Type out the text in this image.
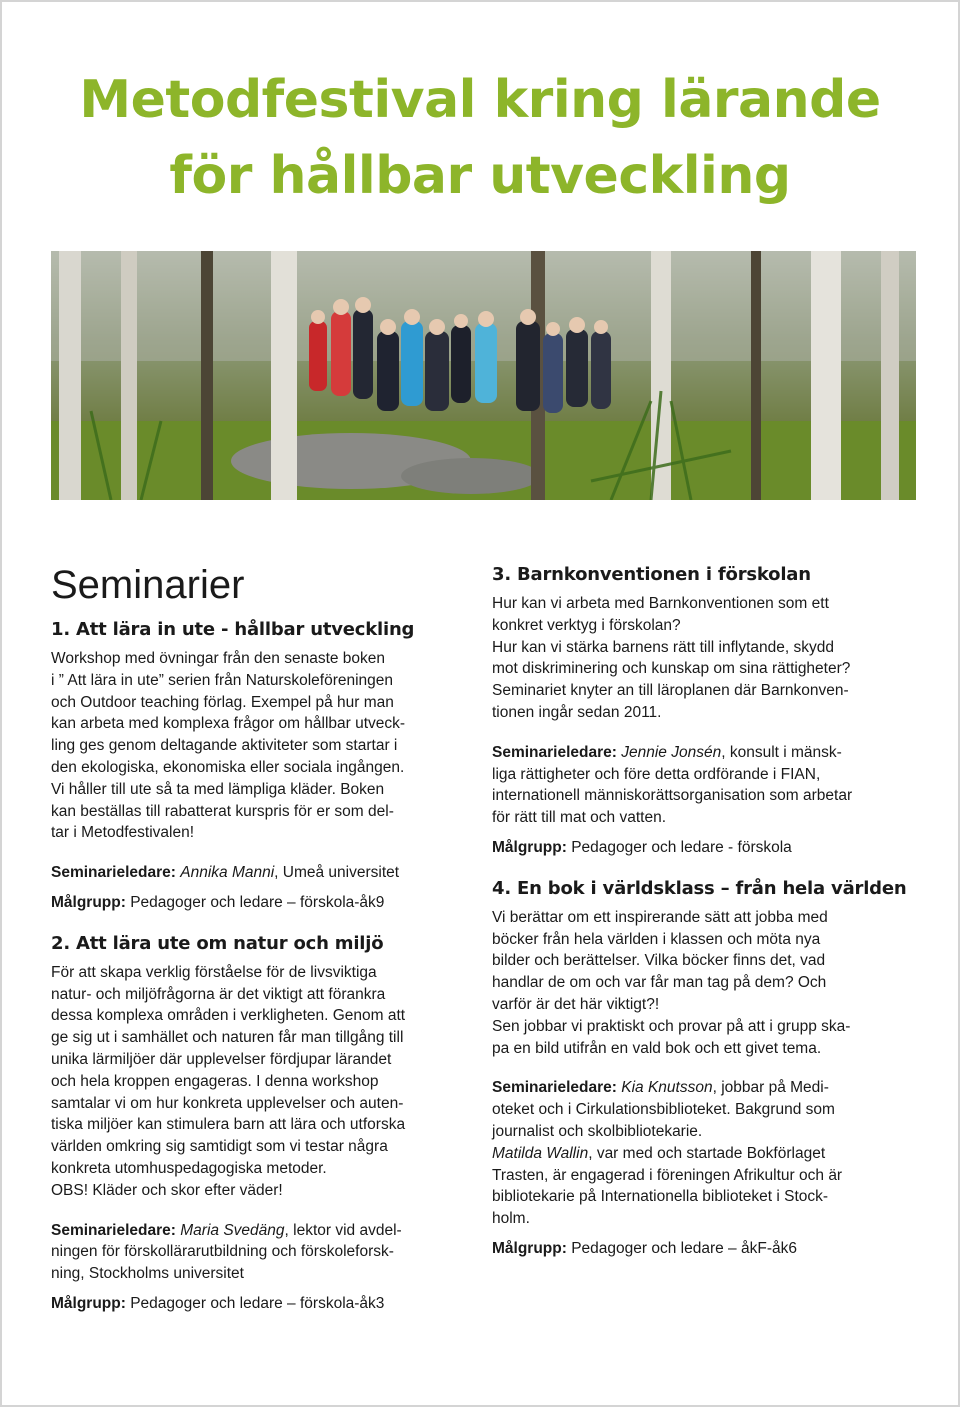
Metodfestival kring lärande
för hållbar utveckling
Seminarier
1. Att lära in ute - hållbar utveckling

Workshop med övningar från den senaste boken
i ” Att lära in ute” serien från Naturskoleföreningen
och Outdoor teaching förlag. Exempel på hur man
kan arbeta med komplexa frågor om hållbar utveck-
ling ges genom deltagande aktiviteter som startar i
den ekologiska, ekonomiska eller sociala ingången.
Vi håller till ute så ta med lämpliga kläder. Boken
kan beställas till rabatterat kurspris för er som del-
tar i Metodfestivalen!

Seminarieledare: Annika Manni, Umeå universitet

Målgrupp: Pedagoger och ledare – förskola-åk9

2. Att lära ute om natur och miljö

För att skapa verklig förståelse för de livsviktiga
natur- och miljöfrågorna är det viktigt att förankra
dessa komplexa områden i verkligheten. Genom att
ge sig ut i samhället och naturen får man tillgång till
unika lärmiljöer där upplevelser fördjupar lärandet
och hela kroppen engageras. I denna workshop
samtalar vi om hur konkreta upplevelser och auten-
tiska miljöer kan stimulera barn att lära och utforska
världen omkring sig samtidigt som vi testar några
konkreta utomhuspedagogiska metoder.
OBS! Kläder och skor efter väder!

Seminarieledare: Maria Svedäng, lektor vid avdel-
ningen för förskollärarutbildning och förskoleforsk-
ning, Stockholms universitet

Målgrupp: Pedagoger och ledare – förskola-åk3

3. Barnkonventionen i förskolan

Hur kan vi arbeta med Barnkonventionen som ett
konkret verktyg i förskolan?
Hur kan vi stärka barnens rätt till inflytande, skydd
mot diskriminering och kunskap om sina rättigheter?
Seminariet knyter an till läroplanen där Barnkonven-
tionen ingår sedan 2011.

Seminarieledare: Jennie Jonsén, konsult i mänsk-
liga rättigheter och före detta ordförande i FIAN,
internationell människorättsorganisation som arbetar
för rätt till mat och vatten.

Målgrupp: Pedagoger och ledare - förskola

4. En bok i världsklass – från hela världen

Vi berättar om ett inspirerande sätt att jobba med
böcker från hela världen i klassen och möta nya
bilder och berättelser. Vilka böcker finns det, vad
handlar de om och var får man tag på dem? Och
varför är det här viktigt?!
Sen jobbar vi praktiskt och provar på att i grupp ska-
pa en bild utifrån en vald bok och ett givet tema.

Seminarieledare: Kia Knutsson, jobbar på Medi-
oteket och i Cirkulationsbiblioteket. Bakgrund som
journalist och skolbibliotekarie.
Matilda Wallin, var med och startade Bokförlaget
Trasten, är engagerad i föreningen Afrikultur och är
bibliotekarie på Internationella biblioteket i Stock-
holm.

Målgrupp: Pedagoger och ledare – åkF-åk6
